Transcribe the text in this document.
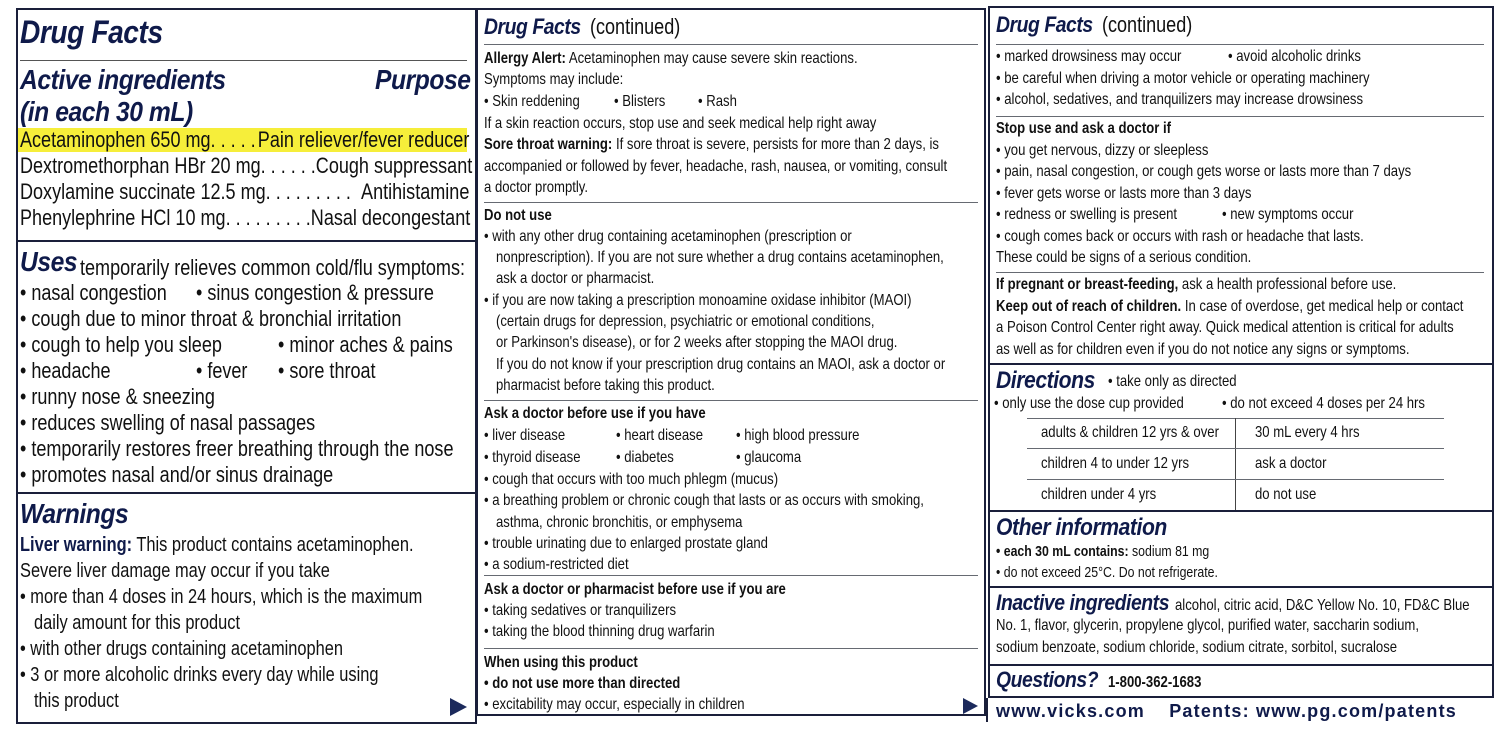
Drug Facts
Active ingredients	Purpose
(in each 30 mL)
Acetaminophen 650 mg. . . . . Pain reliever/fever reducer
Dextromethorphan HBr 20 mg. . . . . . Cough suppressant
Doxylamine succinate 12.5 mg. . . . . . . . . Antihistamine
Phenylephrine HCl 10 mg. . . . . . . . . Nasal decongestant
Uses temporarily relieves common cold/flu symptoms:
• nasal congestion • sinus congestion & pressure
• cough due to minor throat & bronchial irritation
• cough to help you sleep	• minor aches & pains
• headache	• fever • sore throat
• runny nose & sneezing
• reduces swelling of nasal passages
• temporarily restores freer breathing through the nose
• promotes nasal and/or sinus drainage
Warnings
Liver warning: This product contains acetaminophen.
Severe liver damage may occur if you take
• more than 4 doses in 24 hours, which is the maximum
daily amount for this product
• with other drugs containing acetaminophen
• 3 or more alcoholic drinks every day while using
this product
Drug Facts (continued)
Allergy Alert: Acetaminophen may cause severe skin reactions.
Symptoms may include:
• Skin reddening • Blisters • Rash
If a skin reaction occurs, stop use and seek medical help right away
Sore throat warning: If sore throat is severe, persists for more than 2 days, is
accompanied or followed by fever, headache, rash, nausea, or vomiting, consult
a doctor promptly.
Do not use
• with any other drug containing acetaminophen (prescription or
nonprescription). If you are not sure whether a drug contains acetaminophen,
ask a doctor or pharmacist.
• if you are now taking a prescription monoamine oxidase inhibitor (MAOI)
(certain drugs for depression, psychiatric or emotional conditions,
or Parkinson's disease), or for 2 weeks after stopping the MAOI drug.
If you do not know if your prescription drug contains an MAOI, ask a doctor or
pharmacist before taking this product.
Ask a doctor before use if you have
• liver disease	• heart disease • high blood pressure
• thyroid disease • diabetes	• glaucoma
• cough that occurs with too much phlegm (mucus)
• a breathing problem or chronic cough that lasts or as occurs with smoking,
asthma, chronic bronchitis, or emphysema
• trouble urinating due to enlarged prostate gland
• a sodium-restricted diet
Ask a doctor or pharmacist before use if you are
• taking sedatives or tranquilizers
• taking the blood thinning drug warfarin
When using this product
• do not use more than directed
• excitability may occur, especially in children
Drug Facts (continued)
• marked drowsiness may occur	• avoid alcoholic drinks
• be careful when driving a motor vehicle or operating machinery
• alcohol, sedatives, and tranquilizers may increase drowsiness
Stop use and ask a doctor if
• you get nervous, dizzy or sleepless
• pain, nasal congestion, or cough gets worse or lasts more than 7 days
• fever gets worse or lasts more than 3 days
• redness or swelling is present	• new symptoms occur
• cough comes back or occurs with rash or headache that lasts.
These could be signs of a serious condition.
If pregnant or breast-feeding, ask a health professional before use.
Keep out of reach of children. In case of overdose, get medical help or contact
a Poison Control Center right away. Quick medical attention is critical for adults
as well as for children even if you do not notice any signs or symptoms.
Directions • take only as directed
• only use the dose cup provided • do not exceed 4 doses per 24 hrs
adults & children 12 yrs & over 30 mL every 4 hrs
children 4 to under 12 yrs	ask a doctor
children under 4 yrs	do not use
Other information
• each 30 mL contains: sodium 81 mg
• do not exceed 25°C. Do not refrigerate.
Inactive ingredients alcohol, citric acid, D&C Yellow No. 10, FD&C Blue
No. 1, flavor, glycerin, propylene glycol, purified water, saccharin sodium,
sodium benzoate, sodium chloride, sodium citrate, sorbitol, sucralose
Questions? 1-800-362-1683
www.vicks.com Patents: www.pg.com/patents
